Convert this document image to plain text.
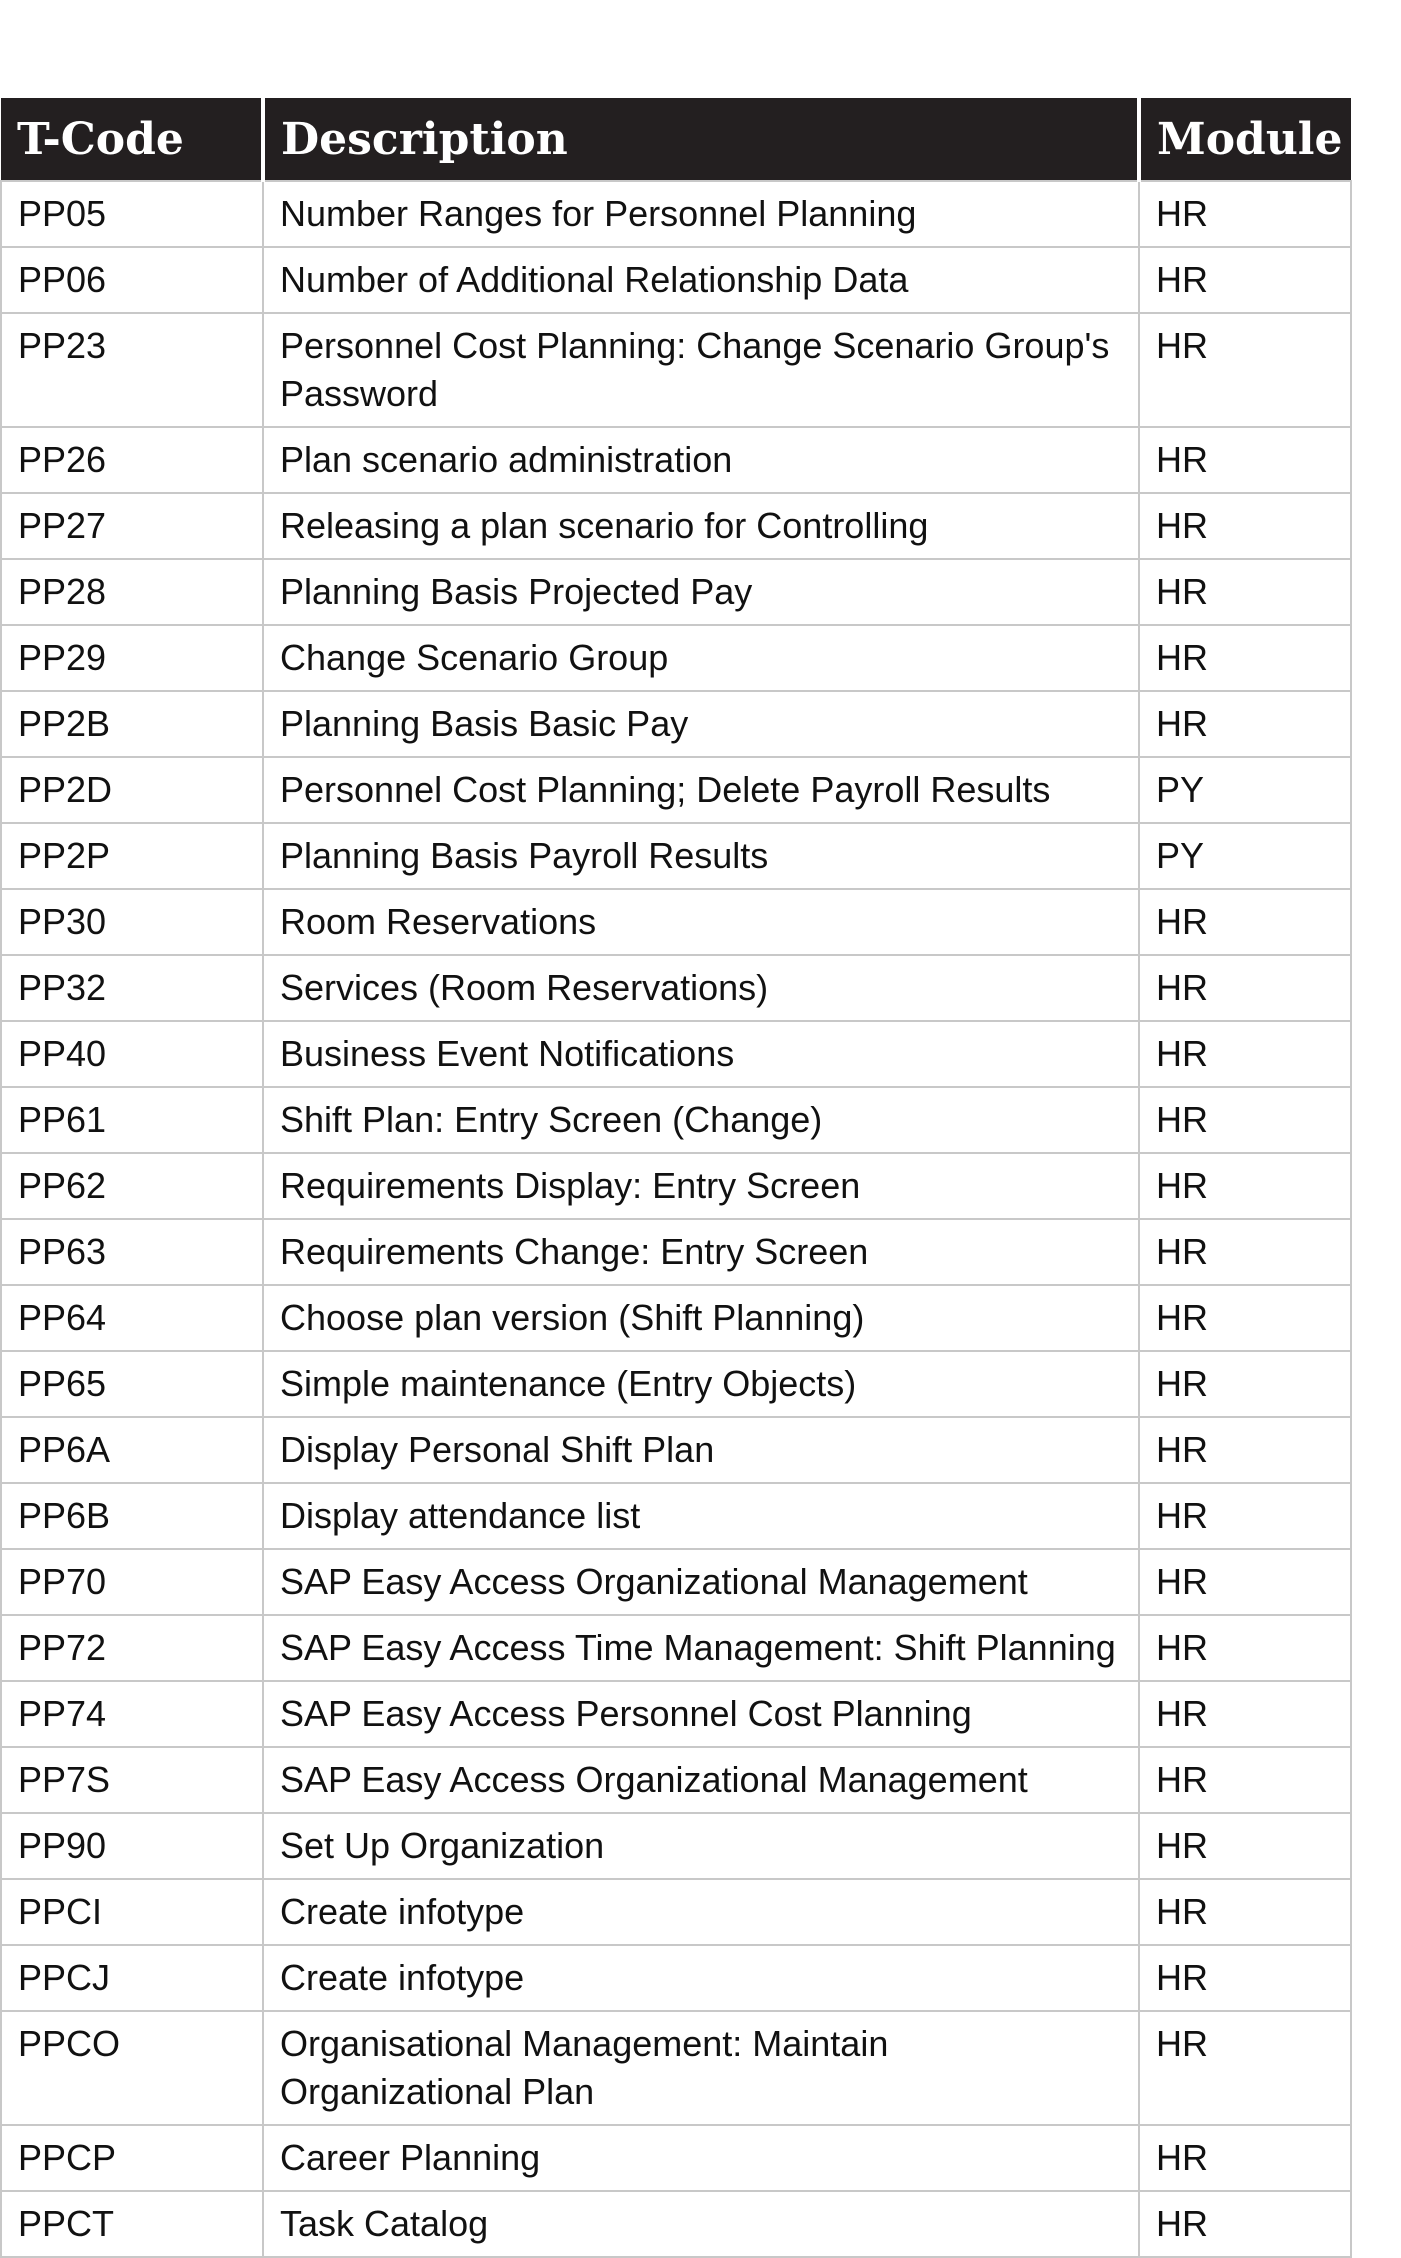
T-Code	Description	Module
PP05	Number Ranges for Personnel Planning	HR
PP06	Number of Additional Relationship Data	HR
PP23	Personnel Cost Planning: Change Scenario Group's Password	HR
PP26	Plan scenario administration	HR
PP27	Releasing a plan scenario for Controlling	HR
PP28	Planning Basis Projected Pay	HR
PP29	Change Scenario Group	HR
PP2B	Planning Basis Basic Pay	HR
PP2D	Personnel Cost Planning; Delete Payroll Results	PY
PP2P	Planning Basis Payroll Results	PY
PP30	Room Reservations	HR
PP32	Services (Room Reservations)	HR
PP40	Business Event Notifications	HR
PP61	Shift Plan: Entry Screen (Change)	HR
PP62	Requirements Display: Entry Screen	HR
PP63	Requirements Change: Entry Screen	HR
PP64	Choose plan version (Shift Planning)	HR
PP65	Simple maintenance (Entry Objects)	HR
PP6A	Display Personal Shift Plan	HR
PP6B	Display attendance list	HR
PP70	SAP Easy Access Organizational Management	HR
PP72	SAP Easy Access Time Management: Shift Planning	HR
PP74	SAP Easy Access Personnel Cost Planning	HR
PP7S	SAP Easy Access Organizational Management	HR
PP90	Set Up Organization	HR
PPCI	Create infotype	HR
PPCJ	Create infotype	HR
PPCO	Organisational Management: Maintain Organizational Plan	HR
PPCP	Career Planning	HR
PPCT	Task Catalog	HR
